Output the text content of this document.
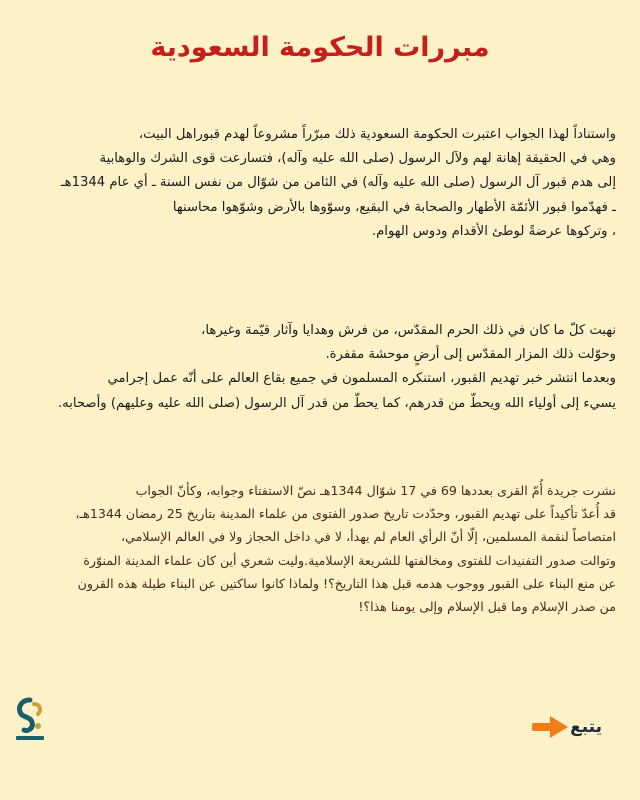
مبررات الحكومة السعودية
واستناداً لهذا الجواب اعتبرت الحكومة السعودية ذلك مبرّراً مشروعاً لهدم قبوراهل البيت،
وهي في الحقيقة إهانة لهم ولآل الرسول (صلى الله عليه وآله)، فتسارعت قوى الشرك والوهابية
إلى هدم قبور آل الرسول (صلى الله عليه وآله) في الثامن من شوّال من نفس السنة ـ أي عام 1344هـ
ـ فهدّموا قبور الأئمّة الأطهار والصحابة في البقيع، وسوّوها بالأرض وشوّهوا محاسنها
، وتركوها عرضةً لوطئ الأقدام ودوس الهوام.
نهبت كلّ ما كان في ذلك الحرم المقدّس، من فرش وهدايا وآثار قيّمة وغيرها،
وحوّلت ذلك المزار المقدّس إلى أرضٍ موحشة مقفرة.
وبعدما انتشر خبر تهديم القبور، استنكره المسلمون في جميع بقاع العالم على أنّه عمل إجرامي
يسيء إلى أولياء الله ويحطّ من قدرهم، كما يحطّ من قدر آل الرسول (صلى الله عليه وعليهم) وأصحابه.
نشرت جريدة أُمّ القرى بعددها 69 في 17 شوّال 1344هـ نصّ الاستفتاء وجوابه، وكأنّ الجواب
قد أُعدّ تأكيداً على تهديم القبور، وحدّدت تاريخ صدور الفتوى من علماء المدينة بتاريخ 25 رمضان 1344هـ،
امتصاصاً لنقمة المسلمين، إلّا أنّ الرأي العام لم يهدأ، لا في داخل الحجاز ولا في العالم الإسلامي،
وتوالت صدور التفنيدات للفتوى ومخالفتها للشريعة الإسلامية.وليت شعري أين كان علماء المدينة المنوّرة
عن منع البناء على القبور ووجوب هدمه قبل هذا التاريخ؟! ولماذا كانوا ساكتين عن البناء طيلة هذه القرون
من صدر الإسلام وما قبل الإسلام وإلى يومنا هذا؟!
يتبع
